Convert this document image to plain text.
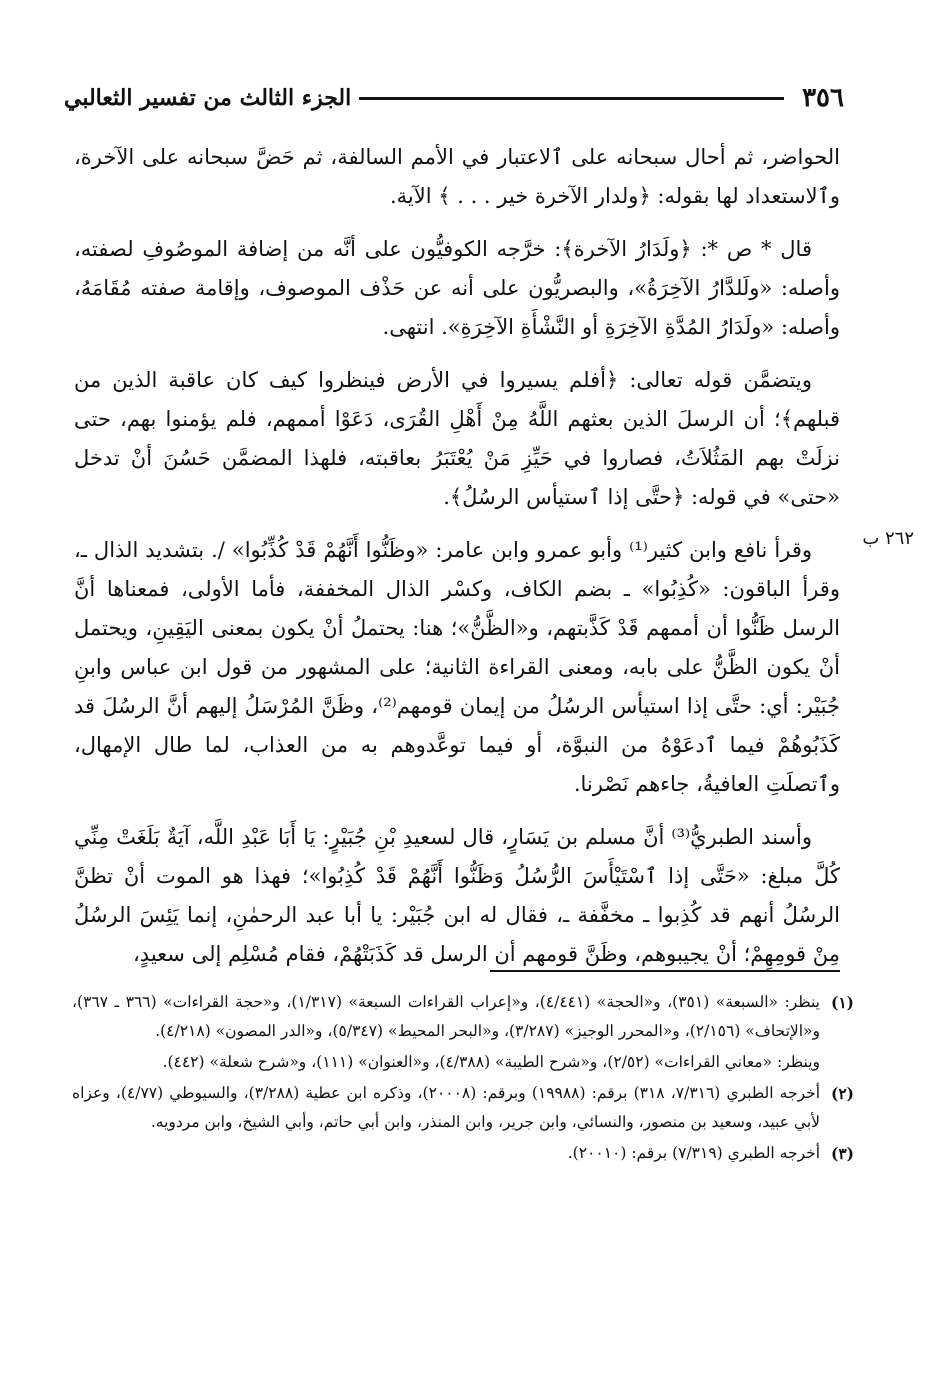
٣٥٦
الجزء الثالث من تفسير الثعالبي
٢٦٢ ب

الحواضر، ثم أحال سبحانه على ٱلاعتبار في الأمم السالفة، ثم حَضَّ سبحانه على الآخرة، وٱلاستعداد لها بقوله: ﴿ولدار الآخرة خير . . . ﴾ الآية.

قال * ص *: ﴿ولَدَارُ الآخرة﴾: خرَّجه الكوفيُّون على أنَّه من إضافة الموصُوفِ لصفته، وأصله: «ولَلدَّارُ الآخِرَةُ»، والبصريُّون على أنه عن حَذْف الموصوف، وإقامة صفته مُقَامَهُ، وأصله: «ولَدَارُ المُدَّةِ الآخِرَةِ أو النَّشْأَةِ الآخِرَةِ». انتهى.

ويتضمَّن قوله تعالى: ﴿أفلم يسيروا في الأرض فينظروا كيف كان عاقبة الذين من قبلهم﴾؛ أن الرسلَ الذين بعثهم اللَّهُ مِنْ أَهْلِ القُرَى، دَعَوْا أممهم، فلم يؤمنوا بهم، حتى نزلَتْ بهم المَثُلاَتُ، فصاروا في حَيِّزِ مَنْ يُعْتَبَرُ بعاقبته، فلهذا المضمَّن حَسُنَ أنْ تدخل «حتى» في قوله: ﴿حتَّى إذا ٱستيأس الرسُلُ﴾.

وقرأ نافع وابن كثير⁽¹⁾ وأبو عمرو وابن عامر: «وظَنُّوا أَنَّهُمْ قَدْ كُذِّبُوا» /. بتشديد الذال ـ، وقرأ الباقون: «كُذِبُوا» ـ بضم الكاف، وكسْر الذال المخففة، فأما الأولى، فمعناها أنَّ الرسل ظَنُّوا أن أممهم قَدْ كَذَّبتهم، و«الظَّنُّ»؛ هنا: يحتملُ أنْ يكون بمعنى اليَقِينِ، ويحتمل أنْ يكون الظَّنُّ على بابه، ومعنى القراءة الثانية؛ على المشهور من قول ابن عباس وابنِ جُبَيْر: أي: حتَّى إذا استيأس الرسُلُ من إيمان قومهم⁽²⁾، وظَنَّ المُرْسَلُ إليهم أنَّ الرسُلَ قد كَذَبُوهُمْ فيما ٱدعَوْهُ من النبوَّة، أو فيما توعَّدوهم به من العذاب، لما طال الإمهال، وٱتصلَتِ العافيةُ، جاءهم نَصْرنا.

وأسند الطبريُّ⁽³⁾ أنَّ مسلم بن يَسَارٍ، قال لسعيدِ بْنِ جُبَيْرٍ: يَا أَبَا عَبْدِ اللَّه، آيَةٌ بَلَغَتْ مِنِّي كُلَّ مبلغ: «حَتَّى إذا ٱسْتَيْأَسَ الرُّسُلُ وَظَنُّوا أَنَّهُمْ قَدْ كُذِبُوا»؛ فهذا هو الموت أنْ تظنَّ الرسُلُ أنهم قد كُذِبوا ـ مخفَّفة ـ، فقال له ابن جُبَيْر: يا أبا عبد الرحمٰنِ، إنما يَئِسَ الرسُلُ مِنْ قومِهِمْ؛ أنْ يجيبوهم، وظَنَّ قومهم أن الرسل قد كَذَبَتْهُمْ، فقام مُسْلِم إلى سعيدٍ،

(١)
ينظر: «السبعة» (٣٥١)، و«الحجة» (٤/٤٤١)، و«إعراب القراءات السبعة» (١/٣١٧)، و«حجة القراءات» (٣٦٦ ـ ٣٦٧)، و«الإتحاف» (٢/١٥٦)، و«المحرر الوجيز» (٣/٢٨٧)، و«البحر المحيط» (٥/٣٤٧)، و«الدر المصون» (٤/٢١٨).
وينظر: «معاني القراءات» (٢/٥٢)، و«شرح الطيبة» (٤/٣٨٨)، و«العنوان» (١١١)، و«شرح شعلة» (٤٤٢).
(٢)
أخرجه الطبري (٧/٣١٦، ٣١٨) برقم: (١٩٩٨٨) وبرقم: (٢٠٠٠٨)، وذكره ابن عطية (٣/٢٨٨)، والسيوطي (٤/٧٧)، وعزاه لأبي عبيد، وسعيد بن منصور، والنسائي، وابن جرير، وابن المنذر، وابن أبي حاتم، وأبي الشيخ، وابن مردويه.
(٣)
أخرجه الطبري (٧/٣١٩) برقم: (٢٠٠١٠).
